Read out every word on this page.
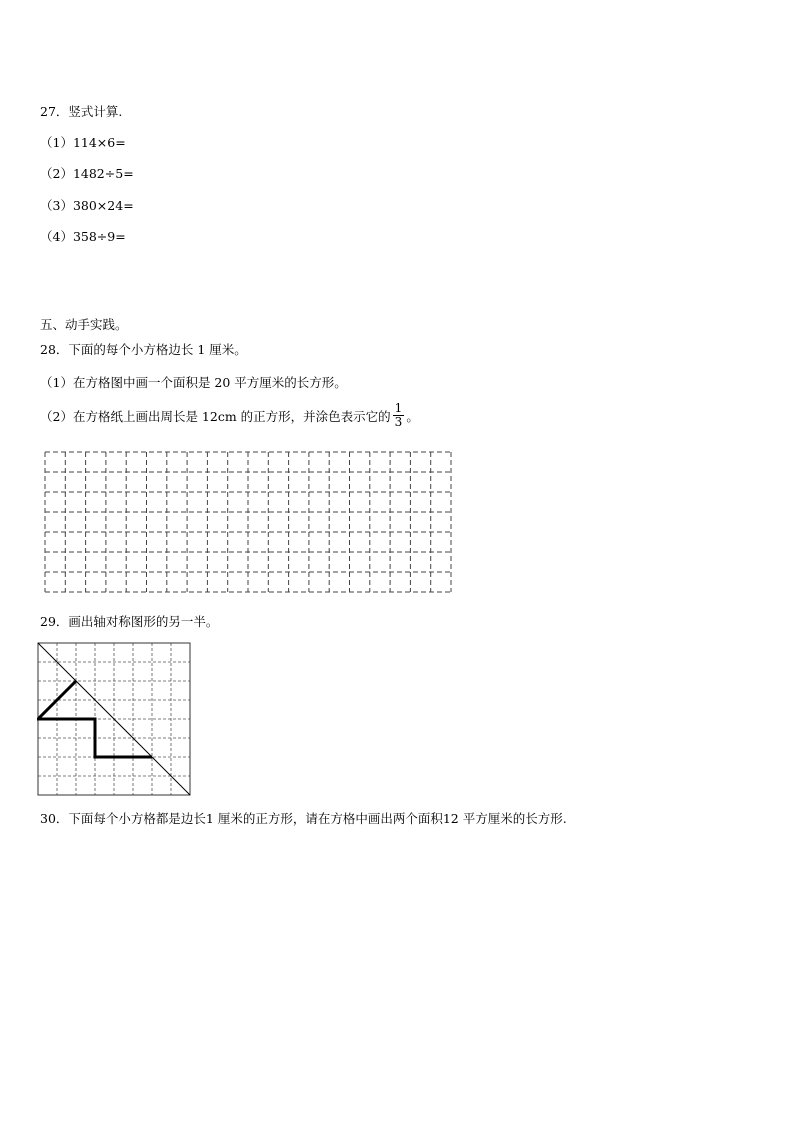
27．竖式计算.
（1）114×6=
（2）1482÷5=
（3）380×24=
（4）358÷9=
五、动手实践。
28．下面的每个小方格边长 1 厘米。
（1）在方格图中画一个面积是 20 平方厘米的长方形。
（2）在方格纸上画出周长是 12cm 的正方形，并涂色表示它的 $\frac{1}{3}$ 。
29．画出轴对称图形的另一半。
30．下面每个小方格都是边长1 厘米的正方形，请在方格中画出两个面积12 平方厘米的长方形.
